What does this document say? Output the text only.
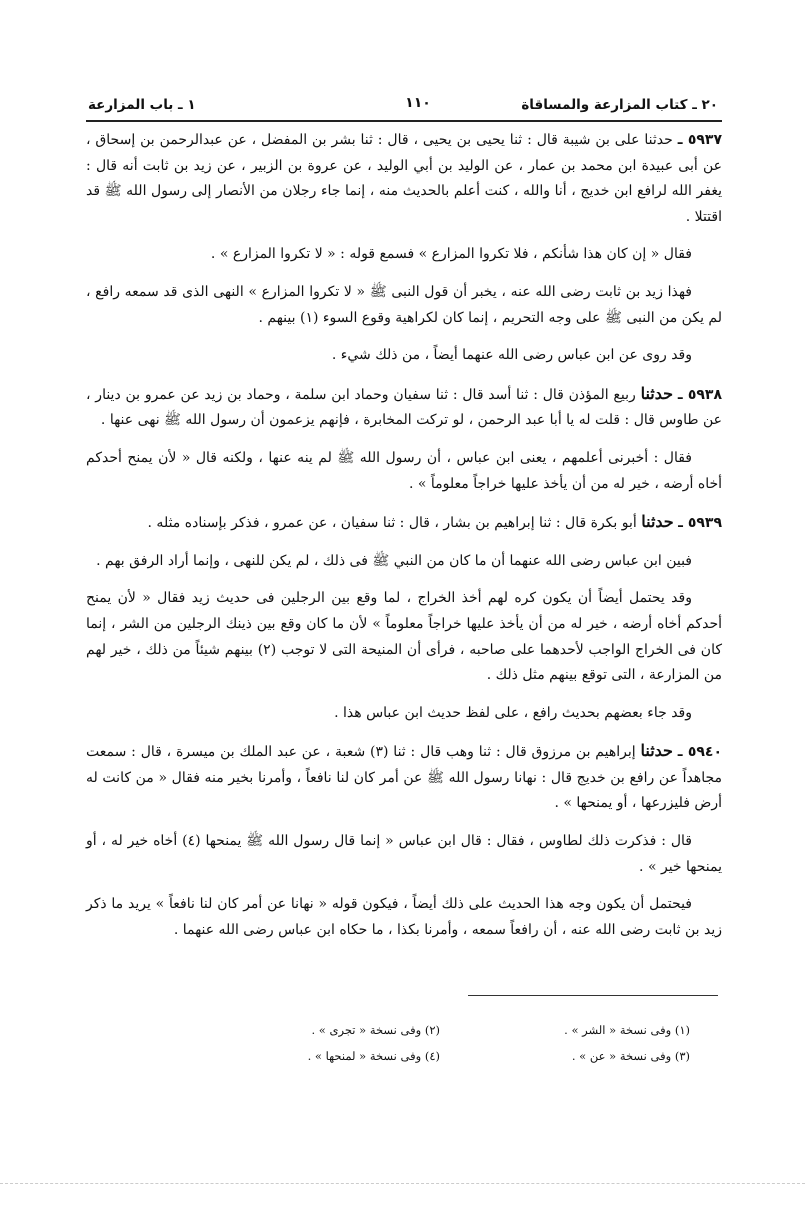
٢٠ ـ كتاب المزارعة والمساقاة
١١٠
١ ـ باب المزارعة

٥٩٣٧ ـ حدثنا على بن شيبة قال : ثنا يحيى بن يحيى ، قال : ثنا بشر بن المفضل ، عن عبدالرحمن بن إسحاق ، عن أبى عبيدة ابن محمد بن عمار ، عن الوليد بن أبي الوليد ، عن عروة بن الزبير ، عن زيد بن ثابت أنه قال : يغفر الله لرافع ابن خديج ، أنا والله ، كنت أعلم بالحديث منه ، إنما جاء رجلان من الأنصار إلى رسول الله ﷺ قد اقتتلا .

فقال « إن كان هذا شأنكم ، فلا تكروا المزارع » فسمع قوله : « لا تكروا المزارع » .

فهذا زيد بن ثابت رضى الله عنه ، يخبر أن قول النبى ﷺ « لا تكروا المزارع » النهى الذى قد سمعه رافع ، لم يكن من النبى ﷺ على وجه التحريم ، إنما كان لكراهية وقوع السوء (١) بينهم .

وقد روى عن ابن عباس رضى الله عنهما أيضاً ، من ذلك شيء .

٥٩٣٨ ـ حدثنا ربيع المؤذن قال : ثنا أسد قال : ثنا سفيان وحماد ابن سلمة ، وحماد بن زيد عن عمرو بن دينار ، عن طاوس قال : قلت له يا أبا عبد الرحمن ، لو تركت المخابرة ، فإنهم يزعمون أن رسول الله ﷺ نهى عنها .

فقال : أخبرنى أعلمهم ، يعنى ابن عباس ، أن رسول الله ﷺ لم ينه عنها ، ولكنه قال « لأن يمنح أحدكم أخاه أرضه ، خير له من أن يأخذ عليها خراجاً معلوماً » .

٥٩٣٩ ـ حدثنا أبو بكرة قال : ثنا إبراهيم بن بشار ، قال : ثنا سفيان ، عن عمرو ، فذكر بإسناده مثله .

فبين ابن عباس رضى الله عنهما أن ما كان من النبي ﷺ فى ذلك ، لم يكن للنهى ، وإنما أراد الرفق بهم .

وقد يحتمل أيضاً أن يكون كره لهم أخذ الخراج ، لما وقع بين الرجلين فى حديث زيد فقال « لأن يمنح أحدكم أخاه أرضه ، خير له من أن يأخذ عليها خراجاً معلوماً » لأن ما كان وقع بين ذينك الرجلين من الشر ، إنما كان فى الخراج الواجب لأحدهما على صاحبه ، فرأى أن المنيحة التى لا توجب (٢) بينهم شيئاً من ذلك ، خير لهم من المزارعة ، التى توقع بينهم مثل ذلك .

وقد جاء بعضهم بحديث رافع ، على لفظ حديث ابن عباس هذا .

٥٩٤٠ ـ حدثنا إبراهيم بن مرزوق قال : ثنا وهب قال : ثنا (٣) شعبة ، عن عبد الملك بن ميسرة ، قال : سمعت مجاهداً عن رافع بن خديج قال : نهانا رسول الله ﷺ عن أمر كان لنا نافعاً ، وأمرنا بخير منه فقال « من كانت له أرض فليزرعها ، أو يمنحها » .

قال : فذكرت ذلك لطاوس ، فقال : قال ابن عباس « إنما قال رسول الله ﷺ يمنحها (٤) أخاه خير له ، أو يمنحها خير » .

فيحتمل أن يكون وجه هذا الحديث على ذلك أيضاً ، فيكون قوله « نهانا عن أمر كان لنا نافعاً » يريد ما ذكر زيد بن ثابت رضى الله عنه ، أن رافعاً سمعه ، وأمرنا بكذا ، ما حكاه ابن عباس رضى الله عنهما .

(١) وفى نسخة « الشر » .
(٢) وفى نسخة « تجرى » .
(٣) وفى نسخة « عن » .
(٤) وفى نسخة « لمنحها » .
